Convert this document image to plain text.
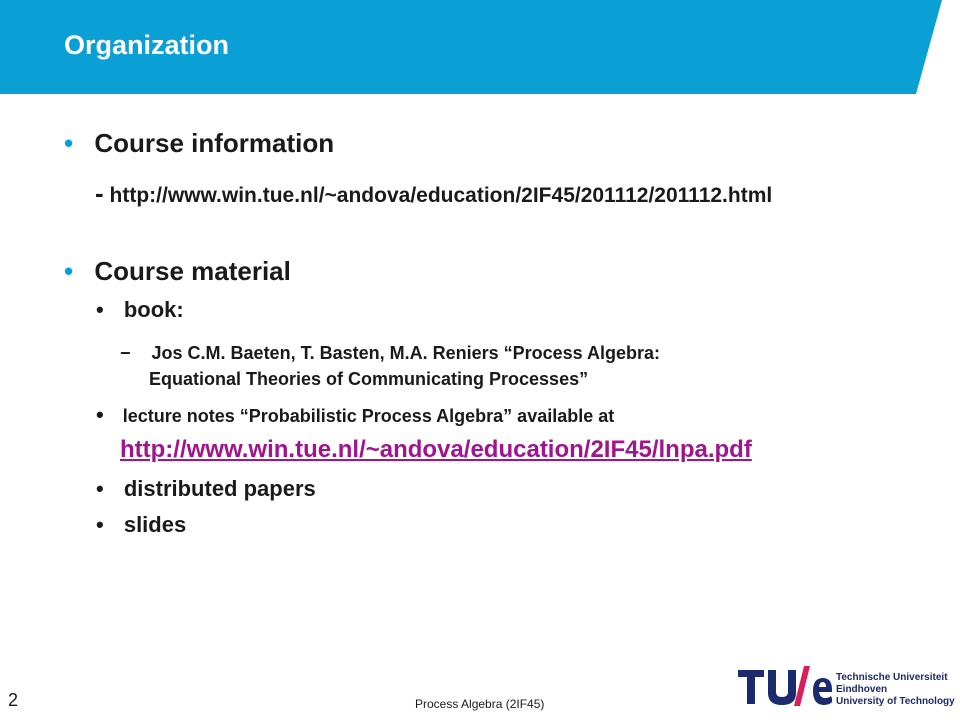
Organization
• Course information
- http://www.win.tue.nl/~andova/education/2IF45/201112/201112.html
• Course material
• book:
− Jos C.M. Baeten, T. Basten, M.A. Reniers “Process Algebra:
Equational Theories of Communicating Processes”
• lecture notes “Probabilistic Process Algebra” available at
http://www.win.tue.nl/~andova/education/2IF45/lnpa.pdf
• distributed papers
• slides
2	Process Algebra (2IF45)
Technische Universiteit
Eindhoven
University of Technology
